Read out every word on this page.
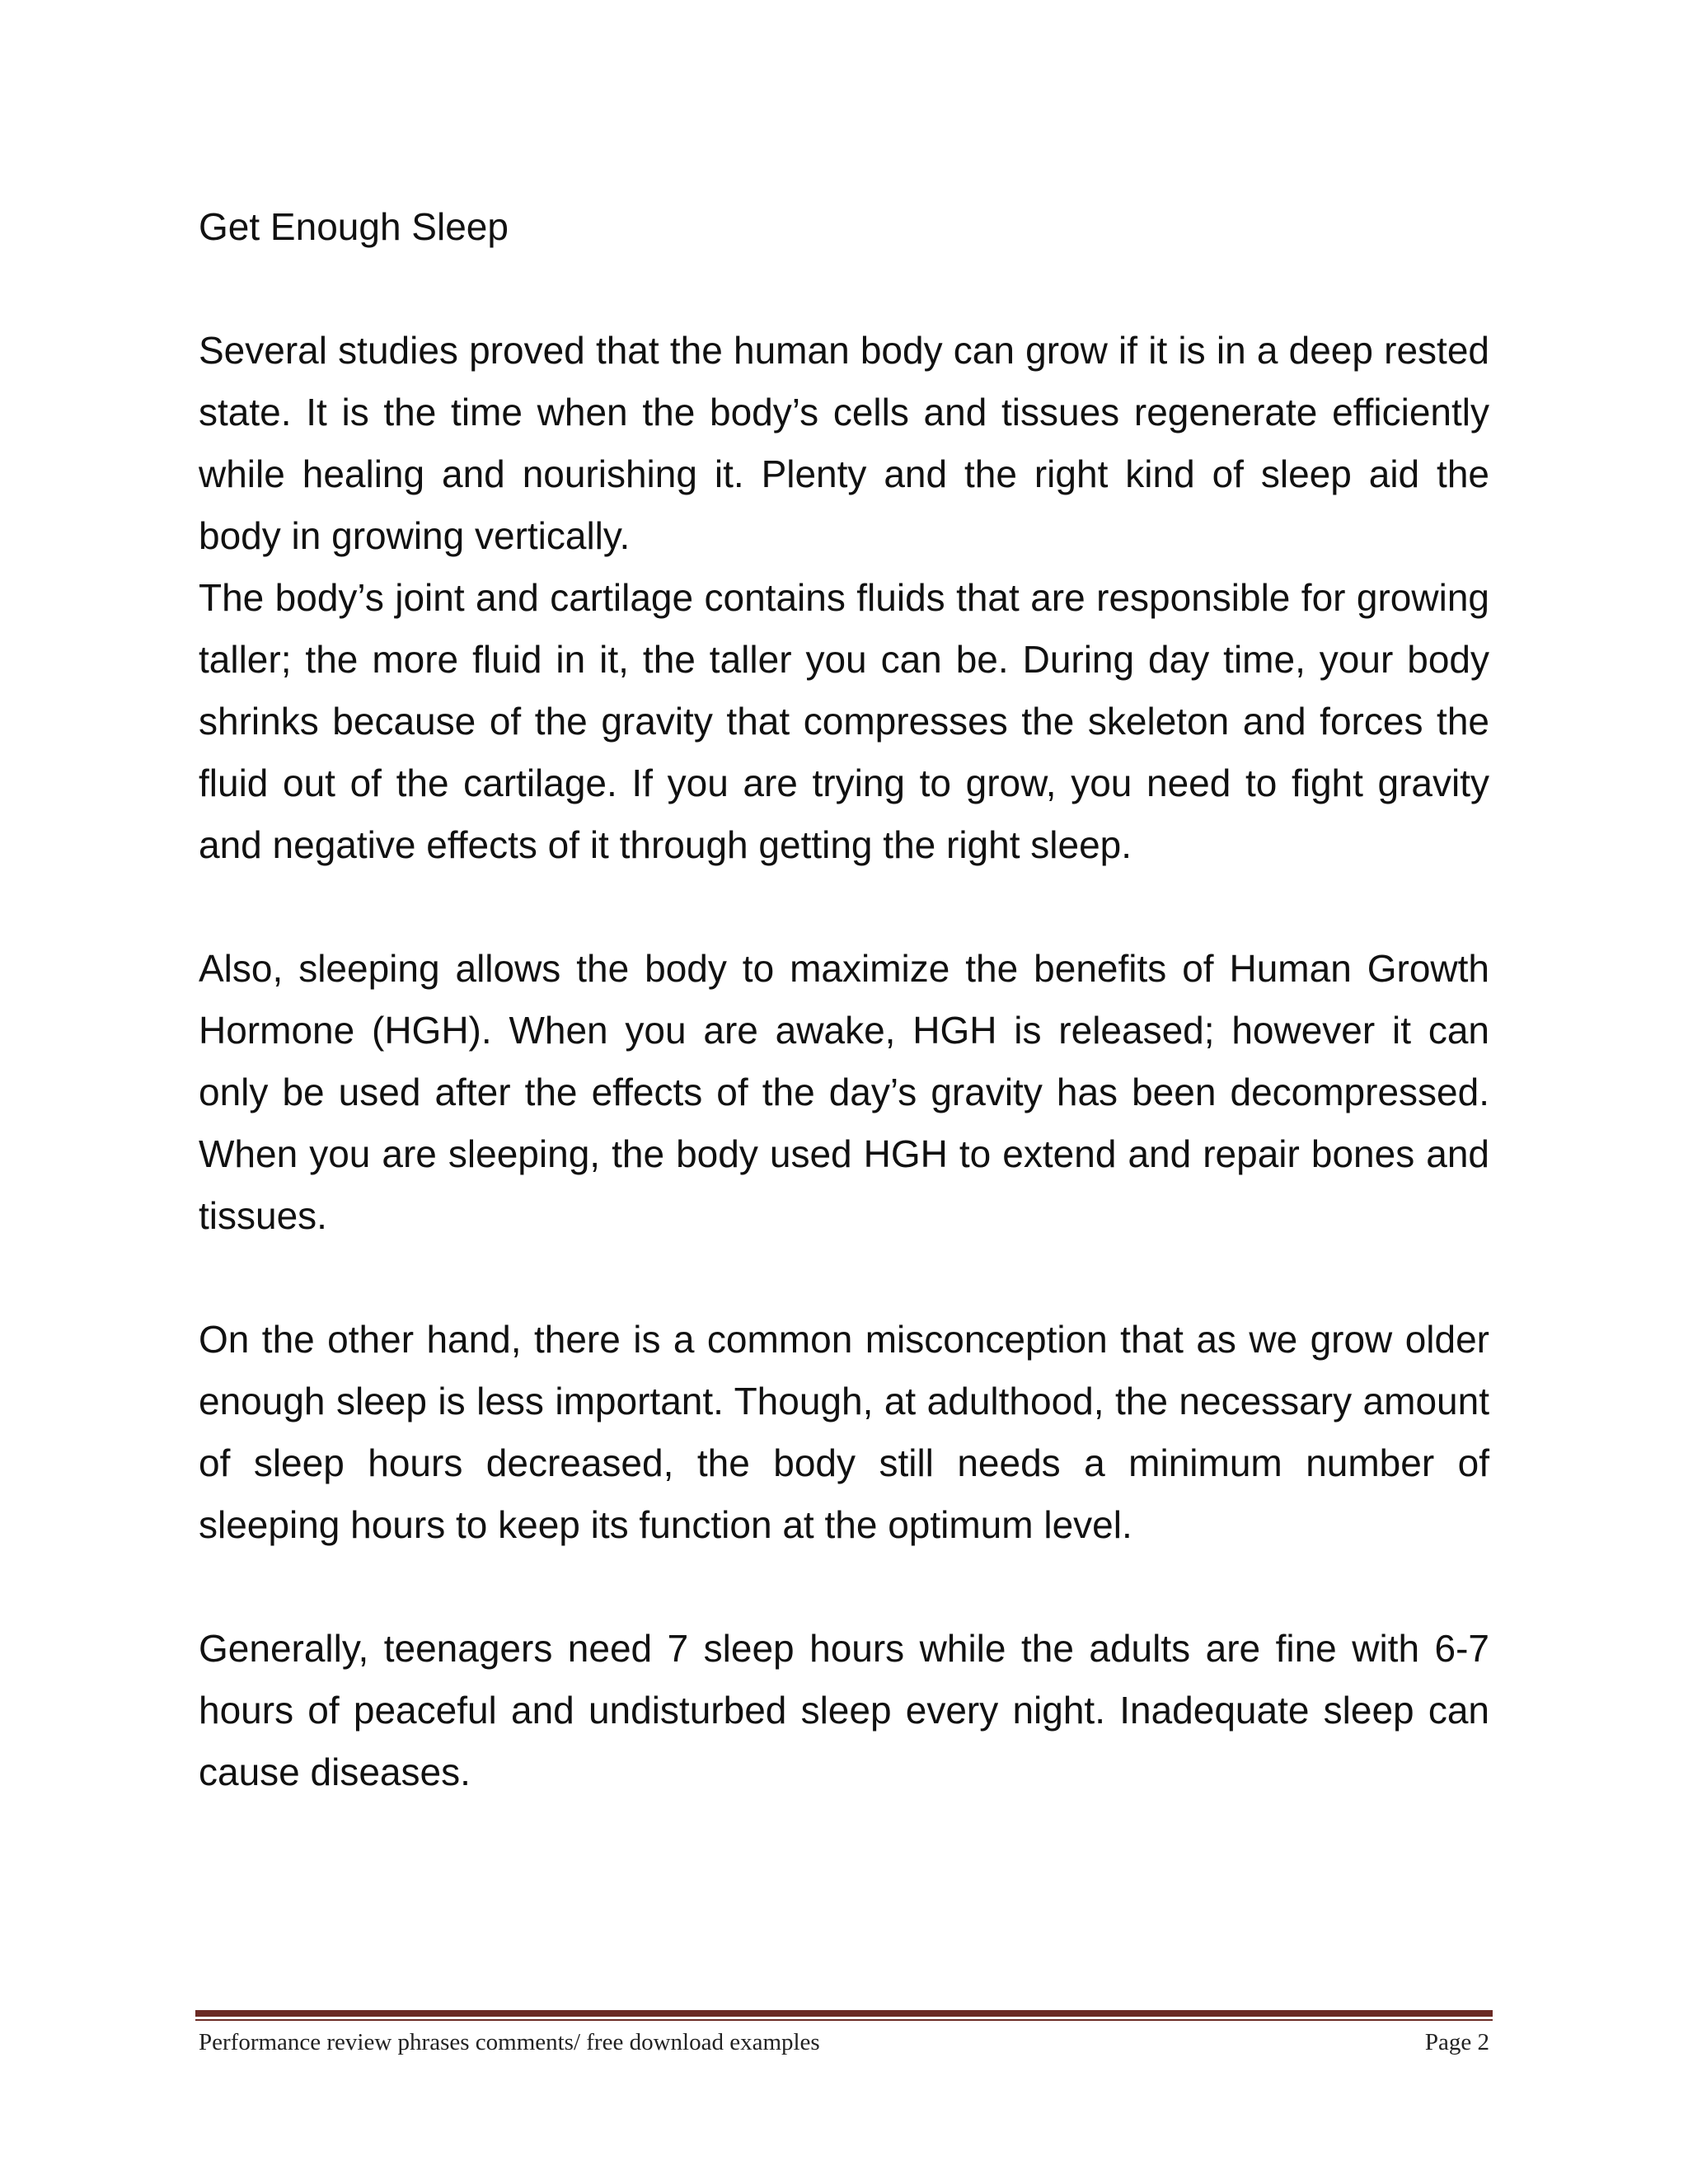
Get Enough Sleep

Several studies proved that the human body can grow if it is in a deep rested state. It is the time when the body’s cells and tissues regenerate efficiently while healing and nourishing it. Plenty and the right kind of sleep aid the body in growing vertically.

The body’s joint and cartilage contains fluids that are responsible for growing taller; the more fluid in it, the taller you can be. During day time, your body shrinks because of the gravity that compresses the skeleton and forces the fluid out of the cartilage. If you are trying to grow, you need to fight gravity and negative effects of it through getting the right sleep.

Also, sleeping allows the body to maximize the benefits of Human Growth Hormone (HGH). When you are awake, HGH is released; however it can only be used after the effects of the day’s gravity has been decompressed. When you are sleeping, the body used HGH to extend and repair bones and tissues.

On the other hand, there is a common misconception that as we grow older enough sleep is less important. Though, at adulthood, the necessary amount of sleep hours decreased, the body still needs a minimum number of sleeping hours to keep its function at the optimum level.

Generally, teenagers need 7 sleep hours while the adults are fine with 6-7 hours of peaceful and undisturbed sleep every night. Inadequate sleep can cause diseases.

Performance review phrases comments/ free download examples	Page 2
